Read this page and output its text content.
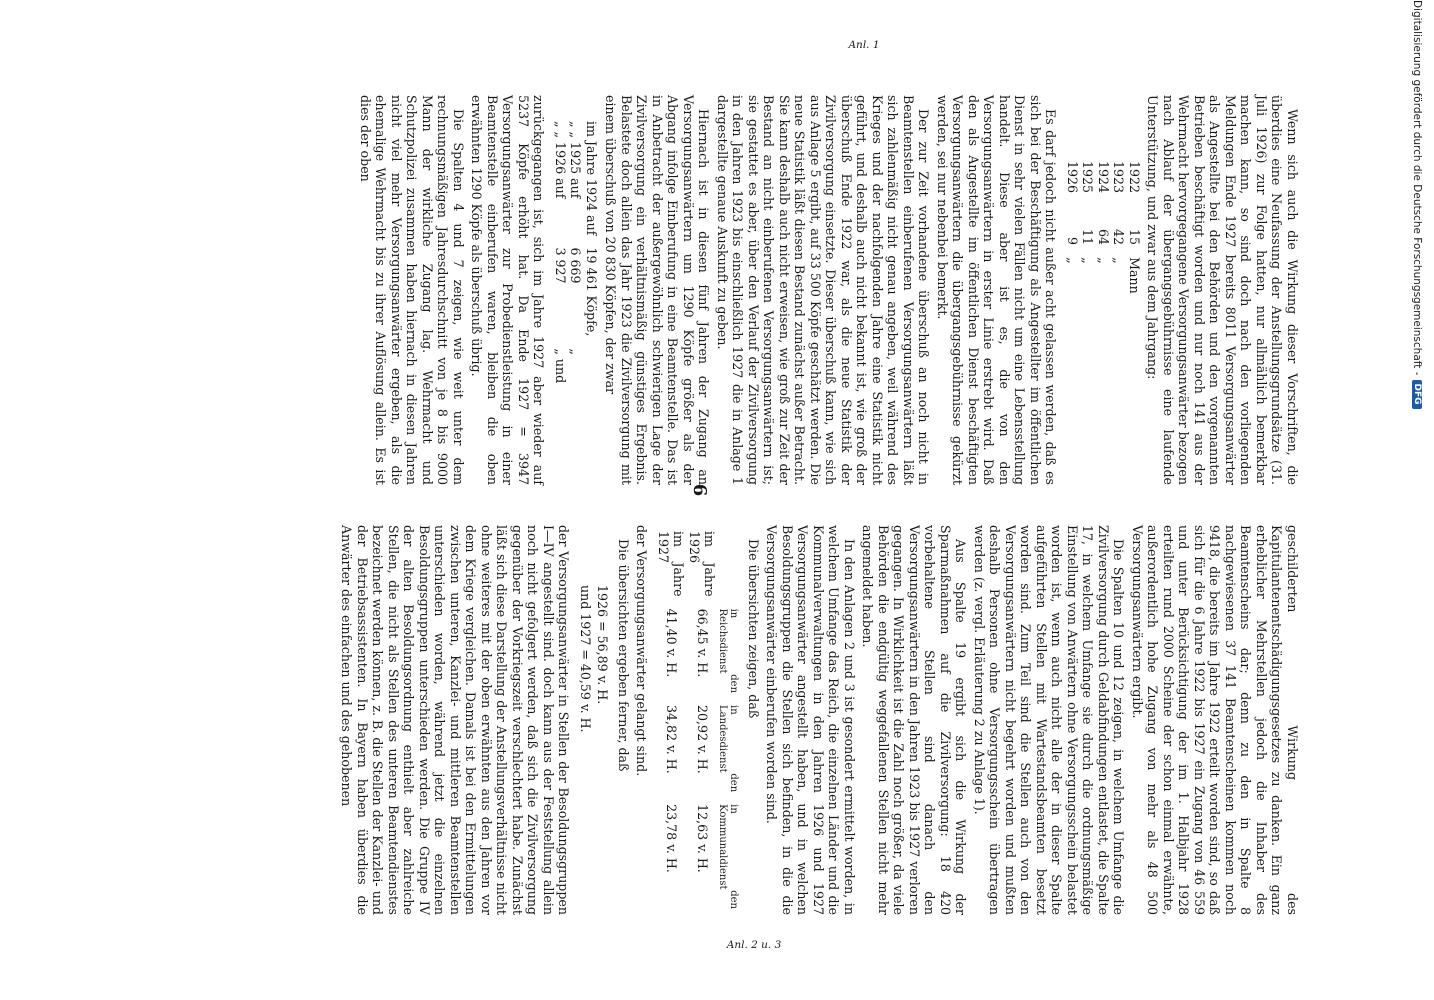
6
Anl. 1
Anl. 2 u. 3

Wenn sich auch die Wirkung dieser Vorschriften, die überdies eine Neufassung der Anstellungsgrundsätze (31. Juli 1926) zur Folge hatten, nur allmählich bemerkbar machen kann, so sind doch nach den vorliegenden Meldungen Ende 1927 bereits 8011 Versorgungsanwärter als Angestellte bei den Behörden und den vorgenannten Betrieben beschäftigt worden und nur noch 141 aus der Wehrmacht hervorgegangene Versorgungsanwärter bezogen nach Ablauf der übergangsgebührnisse eine laufende Unterstützung, und zwar aus dem Jahrgang:

1922	15	Mann
1923	42	„
1924	64	„
1925	11	„
1926	9	„

Es darf jedoch nicht außer acht gelassen werden, daß es sich bei der Beschäftigung als Angestellter im öffentlichen Dienst in sehr vielen Fällen nicht um eine Lebensstellung handelt. Diese aber ist es, die von den Versorgungsanwärtern in erster Linie erstrebt wird. Daß den als Angestellte im öffentlichen Dienst beschäftigten Versorgungsanwärtern die übergangsgebührnisse gekürzt werden, sei nur nebenbei bemerkt.

Der zur Zeit vorhandene überschuß an noch nicht in Beamtenstellen einberufenen Versorgungsanwärtern läßt sich zahlenmäßig nicht genau angeben, weil während des Krieges und der nachfolgenden Jahre eine Statistik nicht geführt, und deshalb auch nicht bekannt ist, wie groß der überschuß Ende 1922 war, als die neue Statistik der Zivilversorgung einsetzte. Dieser überschuß kann, wie sich aus Anlage 5 ergibt, auf 33 500 Köpfe geschätzt werden. Die neue Statistik läßt diesen Bestand zunächst außer Betracht. Sie kann deshalb auch nicht erweisen, wie groß zur Zeit der Bestand an nicht einberufenen Versorgungsanwärtern ist; sie gestattet es aber, über den Verlauf der Zivilversorgung in den Jahren 1923 bis einschließlich 1927 die in Anlage 1 dargestellte genaue Auskunft zu geben.

Hiernach ist in diesen fünf Jahren der Zugang an Versorgungsanwärtern um 1290 Köpfe größer als der Abgang infolge Einberufung in eine Beamtenstelle. Das ist in Anbetracht der außergewöhnlich schwierigen Lage der Zivilversorgung ein verhältnismäßig günstiges Ergebnis. Belastete doch allein das Jahr 1923 die Zivilversorgung mit einem überschuß von 20 830 Köpfen, der zwar

im Jahre 1924 auf	19 461 Köpfe,	
„ „ 1925 auf	6 669	„
„ „ 1926 auf	3 927	„ und

zurückgegangen ist, sich im Jahre 1927 aber wieder auf 5237 Köpfe erhöht hat. Da Ende 1927 = 3947 Versorgungsanwärter zur Probedienstleistung in einer Beamtenstelle einberufen waren, bleiben die oben erwähnten 1290 Köpfe als überschuß übrig.

Die Spalten 4 und 7 zeigen, wie weit unter dem rechnungsmäßigen Jahresdurchschnitt von je 8 bis 9000 Mann der wirkliche Zugang lag. Wehrmacht und Schutzpolizei zusammen haben hiernach in diesen Jahren nicht viel mehr Versorgungsanwärter ergeben, als die ehemalige Wehrmacht bis zu ihrer Auflösung allein. Es ist dies der oben

geschilderten Wirkung des Kapitulantenentschädigungsgesetzes zu danken. Ein ganz erheblicher Mehrstellen jedoch die Inhaber des Beamtenscheins dar; denn zu den in Spalte 8 nachgewiesenen 37 141 Beamtenscheinen kommen noch 9418, die bereits im Jahre 1922 erteilt worden sind, so daß sich für die 6 Jahre 1922 bis 1927 ein Zugang von 46 559 und unter Berücksichtigung der im 1. Halbjahr 1928 erteilten rund 2000 Scheine der schon einmal erwähnte, außerordentlich hohe Zugang von mehr als 48 500 Versorgungsanwärtern ergibt.

Die Spalten 10 und 12 zeigen, in welchem Umfange die Zivilversorgung durch Geldabfindungen entlastet, die Spalte 17, in welchem Umfange sie durch die ordnungsmäßige Einstellung von Anwärtern ohne Versorgungsschein belastet worden ist, wenn auch nicht alle der in dieser Spalte aufgeführten Stellen mit Wartestandsbeamten besetzt worden sind. Zum Teil sind die Stellen auch von den Versorgungsanwärtern nicht begehrt worden und mußten deshalb Personen ohne Versorgungsschein übertragen werden (z. vergl. Erläuterung 2 zu Anlage 1).

Aus Spalte 19 ergibt sich die Wirkung der Sparmaßnahmen auf die Zivilversorgung: 18 420 vorbehaltene Stellen sind danach den Versorgungsanwärtern in den Jahren 1923 bis 1927 verloren gegangen. In Wirklichkeit ist die Zahl noch größer, da viele Behörden die endgültig weggefallenen Stellen nicht mehr angemeldet haben.

In den Anlagen 2 und 3 ist gesondert ermittelt worden, in welchem Umfange das Reich, die einzelnen Länder und die Kommunalverwaltungen in den Jahren 1926 und 1927 Versorgungsanwärter angestellt haben, und in welchen Besoldungsgruppen die Stellen sich befinden, in die die Versorgungsanwärter einberufen worden sind.

Die übersichten zeigen, daß

	in den Reichsdienst	in den Landesdienst	in den Kommunaldienst
im Jahre 1926	66,45 v. H.	20,92 v. H.	12,63 v. H.
im Jahre 1927	41,40 v. H.	34,82 v. H.	23,78 v. H.

der Versorgungsanwärter gelangt sind.

Die übersichten ergeben ferner, daß

1926 = 56,89 v. H.
und 1927 = 40,59 v. H.

der Versorgungsanwärter in Stellen der Besoldungsgruppen I—IV angestellt sind. doch kann aus der Feststellung allein noch nicht gefolgert werden, daß sich die Zivilversorgung gegenüber der Vorkriegszeit verschlechtert habe. Zunächst läßt sich diese Darstellung der Anstellungsverhältnisse nicht ohne weiteres mit der oben erwähnten aus den Jahren vor dem Kriege vergleichen. Damals ist bei den Ermittelungen zwischen unteren, Kanzlei- und mittleren Beamtenstellen unterschieden worden, während jetzt die einzelnen Besoldungsgruppen unterschieden werden. Die Gruppe IV der alten Besoldungsordnung enthielt aber zahlreiche Stellen, die nicht als Stellen des unteren Beamtendienstes bezeichnet werden können, z. B. die Stellen der Kanzlei- und der Betriebsassistenten. In Bayern haben überdies die Anwärter des einfachen und des gehobenen

Digitalisierung gefördert durch die Deutsche Forschungsgemeinschaft -
DFG
